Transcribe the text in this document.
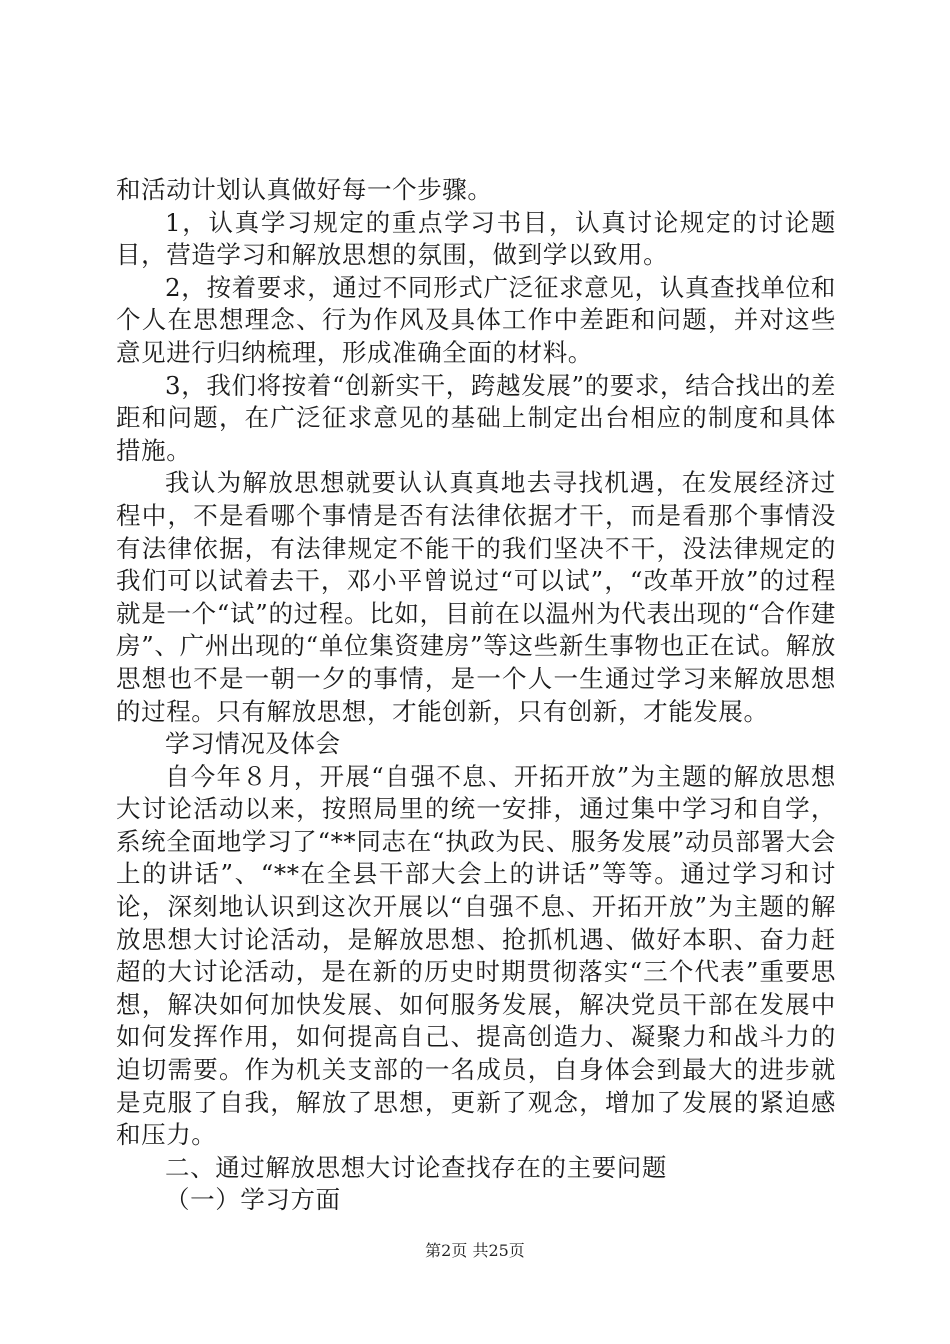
和活动计划认真做好每一个步骤。

1，认真学习规定的重点学习书目，认真讨论规定的讨论题目，营造学习和解放思想的氛围，做到学以致用。

2，按着要求，通过不同形式广泛征求意见，认真查找单位和个人在思想理念、行为作风及具体工作中差距和问题，并对这些意见进行归纳梳理，形成准确全面的材料。

3，我们将按着“创新实干，跨越发展”的要求，结合找出的差距和问题，在广泛征求意见的基础上制定出台相应的制度和具体措施。

我认为解放思想就要认认真真地去寻找机遇，在发展经济过程中，不是看哪个事情是否有法律依据才干，而是看那个事情没有法律依据，有法律规定不能干的我们坚决不干，没法律规定的我们可以试着去干，邓小平曾说过“可以试”，“改革开放”的过程就是一个“试”的过程。比如，目前在以温州为代表出现的“合作建房”、广州出现的“单位集资建房”等这些新生事物也正在试。解放思想也不是一朝一夕的事情，是一个人一生通过学习来解放思想的过程。只有解放思想，才能创新，只有创新，才能发展。

学习情况及体会

自今年８月，开展“自强不息、开拓开放”为主题的解放思想大讨论活动以来，按照局里的统一安排，通过集中学习和自学，系统全面地学习了“**同志在“执政为民、服务发展”动员部署大会上的讲话”、“**在全县干部大会上的讲话”等等。通过学习和讨论，深刻地认识到这次开展以“自强不息、开拓开放”为主题的解放思想大讨论活动，是解放思想、抢抓机遇、做好本职、奋力赶超的大讨论活动，是在新的历史时期贯彻落实“三个代表”重要思想，解决如何加快发展、如何服务发展，解决党员干部在发展中如何发挥作用，如何提高自己、提高创造力、凝聚力和战斗力的迫切需要。作为机关支部的一名成员，自身体会到最大的进步就是克服了自我，解放了思想，更新了观念，增加了发展的紧迫感和压力。

二、通过解放思想大讨论查找存在的主要问题

（一）学习方面

第2页 共25页
